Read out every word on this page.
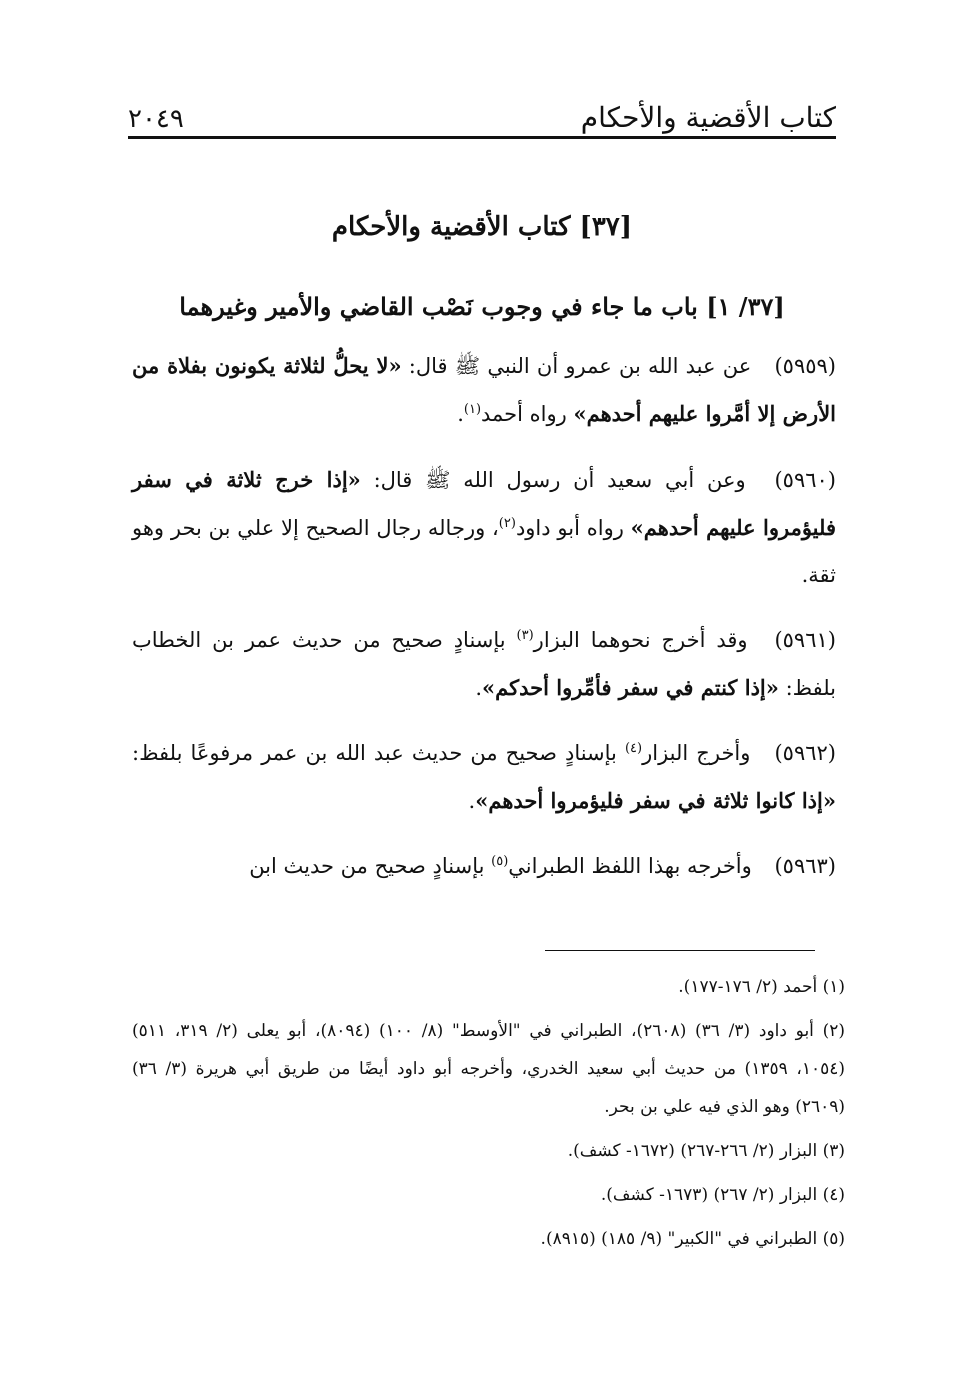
كتاب الأقضية والأحكام
٢٠٤٩
[٣٧] كتاب الأقضية والأحكام
[٣٧/ ١] باب ما جاء في وجوب نَصْب القاضي والأمير وغيرهما

(٥٩٥٩) عن عبد الله بن عمرو أن النبي ﷺ قال: «لا يحلُّ لثلاثة يكونون بفلاة من الأرض إلا أمَّروا عليهم أحدهم» رواه أحمد$^{(١)}$.

(٥٩٦٠) وعن أبي سعيد أن رسول الله ﷺ قال: «إذا خرج ثلاثة في سفر فليؤمروا عليهم أحدهم» رواه أبو داود$^{(٢)}$، ورجاله رجال الصحيح إلا علي بن بحر وهو ثقة.

(٥٩٦١) وقد أخرج نحوهما البزار$^{(٣)}$ بإسنادٍ صحيح من حديث عمر بن الخطاب بلفظ: «إذا كنتم في سفر فأمِّروا أحدكم».

(٥٩٦٢) وأخرج البزار$^{(٤)}$ بإسنادٍ صحيح من حديث عبد الله بن عمر مرفوعًا بلفظ: «إذا كانوا ثلاثة في سفر فليؤمروا أحدهم».

(٥٩٦٣) وأخرجه بهذا اللفظ الطبراني$^{(٥)}$ بإسنادٍ صحيح من حديث ابن

(١) أحمد (٢/ ١٧٦-١٧٧).

(٢) أبو داود (٣/ ٣٦) (٢٦٠٨)، الطبراني في "الأوسط" (٨/ ١٠٠) (٨٠٩٤)، أبو يعلى (٢/ ٣١٩، ٥١١) (١٠٥٤، ١٣٥٩) من حديث أبي سعيد الخدري، وأخرجه أبو داود أيضًا من طريق أبي هريرة (٣/ ٣٦) (٢٦٠٩) وهو الذي فيه علي بن بحر.

(٣) البزار (٢/ ٢٦٦-٢٦٧) (١٦٧٢- كشف).

(٤) البزار (٢/ ٢٦٧) (١٦٧٣- كشف).

(٥) الطبراني في "الكبير" (٩/ ١٨٥) (٨٩١٥).
